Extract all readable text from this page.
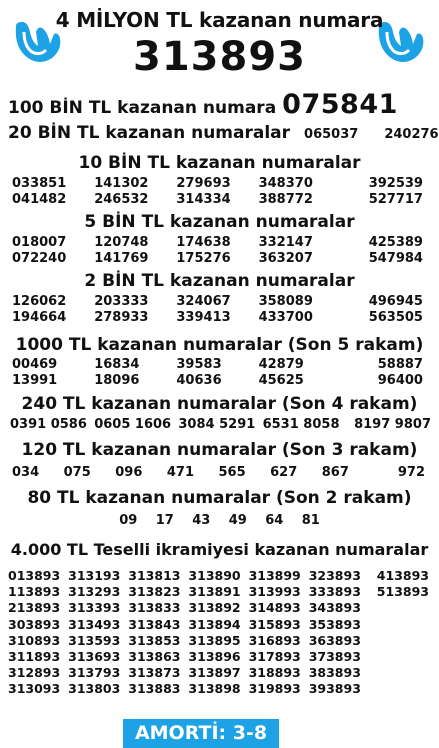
4 MİLYON TL kazanan numara
313893
100 BİN TL kazanan numara 075841
20 BİN TL kazanan numaralar 065037 240276
10 BİN TL kazanan numaralar
033851	141302	279693	348370	392539
041482	246532	314334	388772	527717
5 BİN TL kazanan numaralar
018007	120748	174638	332147	425389
072240	141769	175276	363207	547984
2 BİN TL kazanan numaralar
126062	203333	324067	358089	496945
194664	278933	339413	433700	563505
1000 TL kazanan numaralar (Son 5 rakam)
00469	16834	39583	42879	58887
13991	18096	40636	45625	96400
240 TL kazanan numaralar (Son 4 rakam)
0391 0586 0605 1606 3084 5291 6531 8058	8197 9807
120 TL kazanan numaralar (Son 3 rakam)
034	075	096	471	565	627	867	972
80 TL kazanan numaralar (Son 2 rakam)
09	17	43	49	64	81
4.000 TL Teselli ikramiyesi kazanan numaralar
013893 313193 313813 313890 313899 323893	413893
113893 313293 313823 313891 313993 333893	513893
213893 313393 313833 313892 314893 343893
303893 313493 313843 313894 315893 353893
310893 313593 313853 313895 316893 363893
311893 313693 313863 313896 317893 373893
312893 313793 313873 313897 318893 383893
313093 313803 313883 313898 319893 393893
AMORTİ: 3-8
